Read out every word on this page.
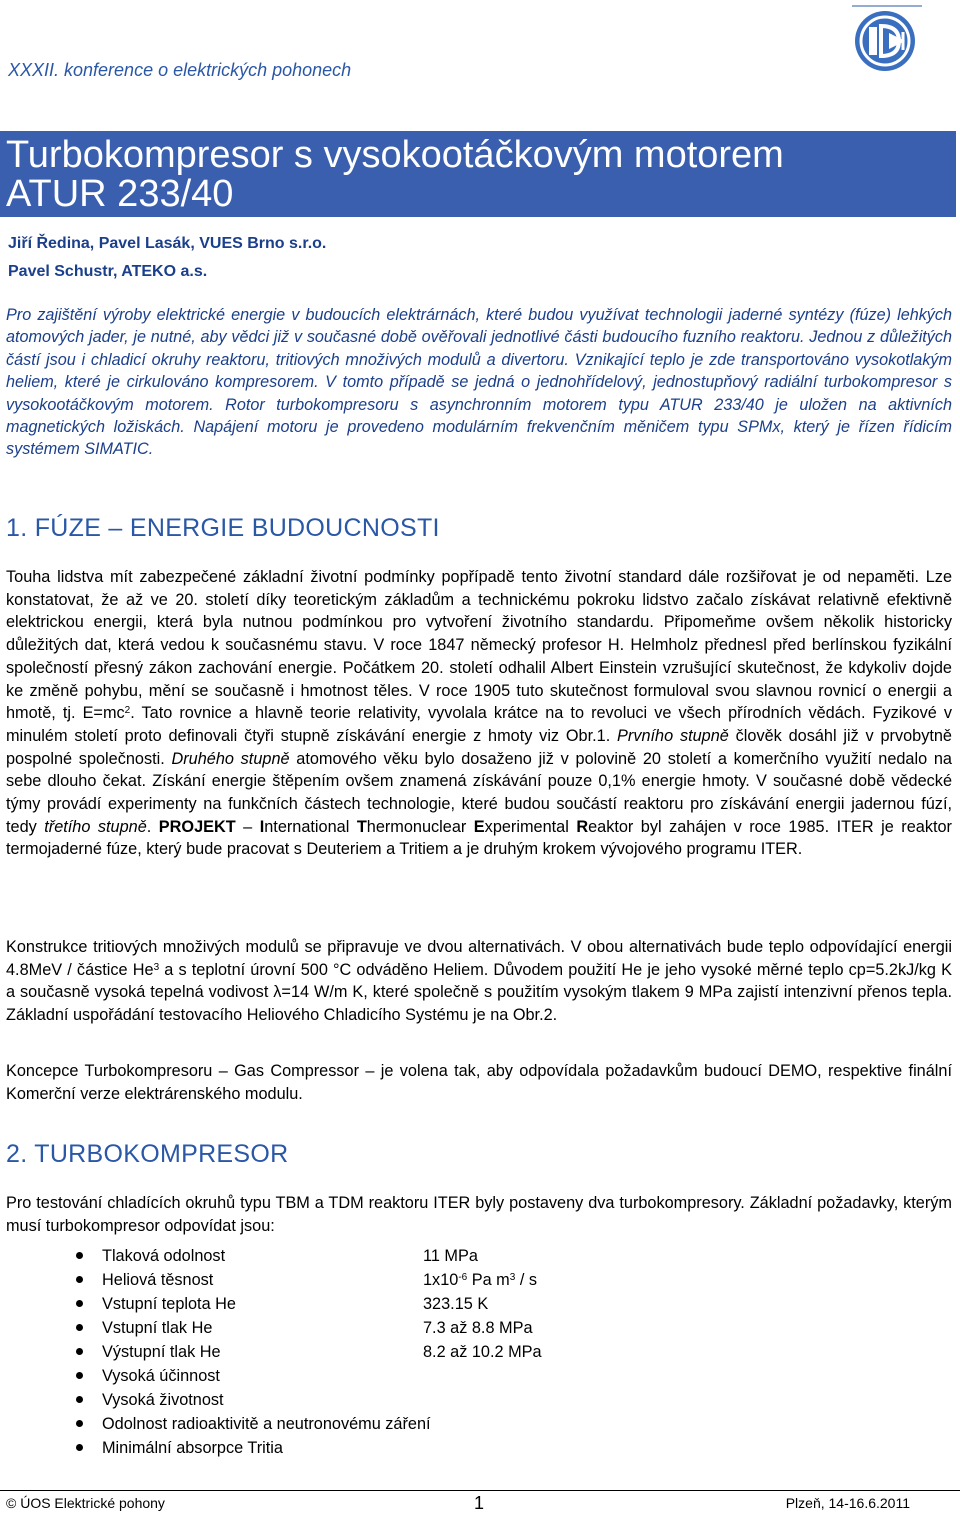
XXXII. konference o elektrických pohonech
Turbokompresor s vysokootáčkovým motorem
ATUR 233/40
Jiří Ředina, Pavel Lasák, VUES Brno s.r.o.
Pavel Schustr, ATEKO a.s.

Pro zajištění výroby elektrické energie v budoucích elektrárnách, které budou využívat technologii jaderné syntézy (fúze) lehkých atomových jader, je nutné, aby vědci již v současné době ověřovali jednotlivé části budoucího fuzního reaktoru. Jednou z důležitých částí jsou i chladicí okruhy reaktoru, tritiových množivých modulů a divertoru. Vznikající teplo je zde transportováno vysokotlakým heliem, které je cirkulováno kompresorem. V tomto případě se jedná o jednohřídelový, jednostupňový radiální turbokompresor s vysokootáčkovým motorem. Rotor turbokompresoru s asynchronním motorem typu ATUR 233/40 je uložen na aktivních magnetických ložiskách. Napájení motoru je provedeno modulárním frekvenčním měničem typu SPMx, který je řízen řídicím systémem SIMATIC.

1. FÚZE – ENERGIE BUDOUCNOSTI

Touha lidstva mít zabezpečené základní životní podmínky popřípadě tento životní standard dále rozšiřovat je od nepaměti. Lze konstatovat, že až ve 20. století díky teoretickým základům a technickému pokroku lidstvo začalo získávat relativně efektivně elektrickou energii, která byla nutnou podmínkou pro vytvoření životního standardu. Připomeňme ovšem několik historicky důležitých dat, která vedou k současnému stavu. V roce 1847 německý profesor H. Helmholz přednesl před berlínskou fyzikální společností přesný zákon zachování energie. Počátkem 20. století odhalil Albert Einstein vzrušující skutečnost, že kdykoliv dojde ke změně pohybu, mění se současně i hmotnost těles. V roce 1905 tuto skutečnost formuloval svou slavnou rovnicí o energii a hmotě, tj. $E=mc^2$. Tato rovnice a hlavně teorie relativity, vyvolala krátce na to revoluci ve všech přírodních vědách. Fyzikové v minulém století proto definovali čtyři stupně získávání energie z hmoty viz Obr.1. Prvního stupně člověk dosáhl již v prvobytně pospolné společnosti. Druhého stupně atomového věku bylo dosaženo již v polovině 20 století a komerčního využití nedalo na sebe dlouho čekat. Získání energie štěpením ovšem znamená získávání pouze 0,1% energie hmoty. V současné době vědecké týmy provádí experimenty na funkčních částech technologie, které budou součástí reaktoru pro získávání energii jadernou fúzí, tedy třetího stupně. PROJEKT – International Thermonuclear Experimental Reaktor byl zahájen v roce 1985. ITER je reaktor termojaderné fúze, který bude pracovat s Deuteriem a Tritiem a je druhým krokem vývojového programu ITER.

Konstrukce tritiových množivých modulů se připravuje ve dvou alternativách. V obou alternativách bude teplo odpovídající energii 4.8MeV / částice He$^3$ a s teplotní úrovní 500 °C odváděno Heliem. Důvodem použití He je jeho vysoké měrné teplo cp=5.2kJ/kg K a současně vysoká tepelná vodivost λ=14 W/m K, které společně s použitím vysokým tlakem 9 MPa zajistí intenzivní přenos tepla. Základní uspořádání testovacího Heliového Chladicího Systému je na Obr.2.

Koncepce Turbokompresoru – Gas Compressor – je volena tak, aby odpovídala požadavkům budoucí DEMO, respektive finální Komerční verze elektrárenského modulu.

2. TURBOKOMPRESOR

Pro testování chladících okruhů typu TBM a TDM reaktoru ITER byly postaveny dva turbokompresory. Základní požadavky, kterým musí turbokompresor odpovídat jsou:

Tlaková odolnost	11 MPa
Heliová těsnost	$1x10^{-6}$ Pa $m^3$ / s
Vstupní teplota He	323.15 K
Vstupní tlak He	7.3 až 8.8 MPa
Výstupní tlak He	8.2 až 10.2 MPa
Vysoká účinnost
Vysoká životnost
Odolnost radioaktivitě a neutronovému záření
Minimální absorpce Tritia
© ÚOS Elektrické pohony	1	Plzeň, 14-16.6.2011
